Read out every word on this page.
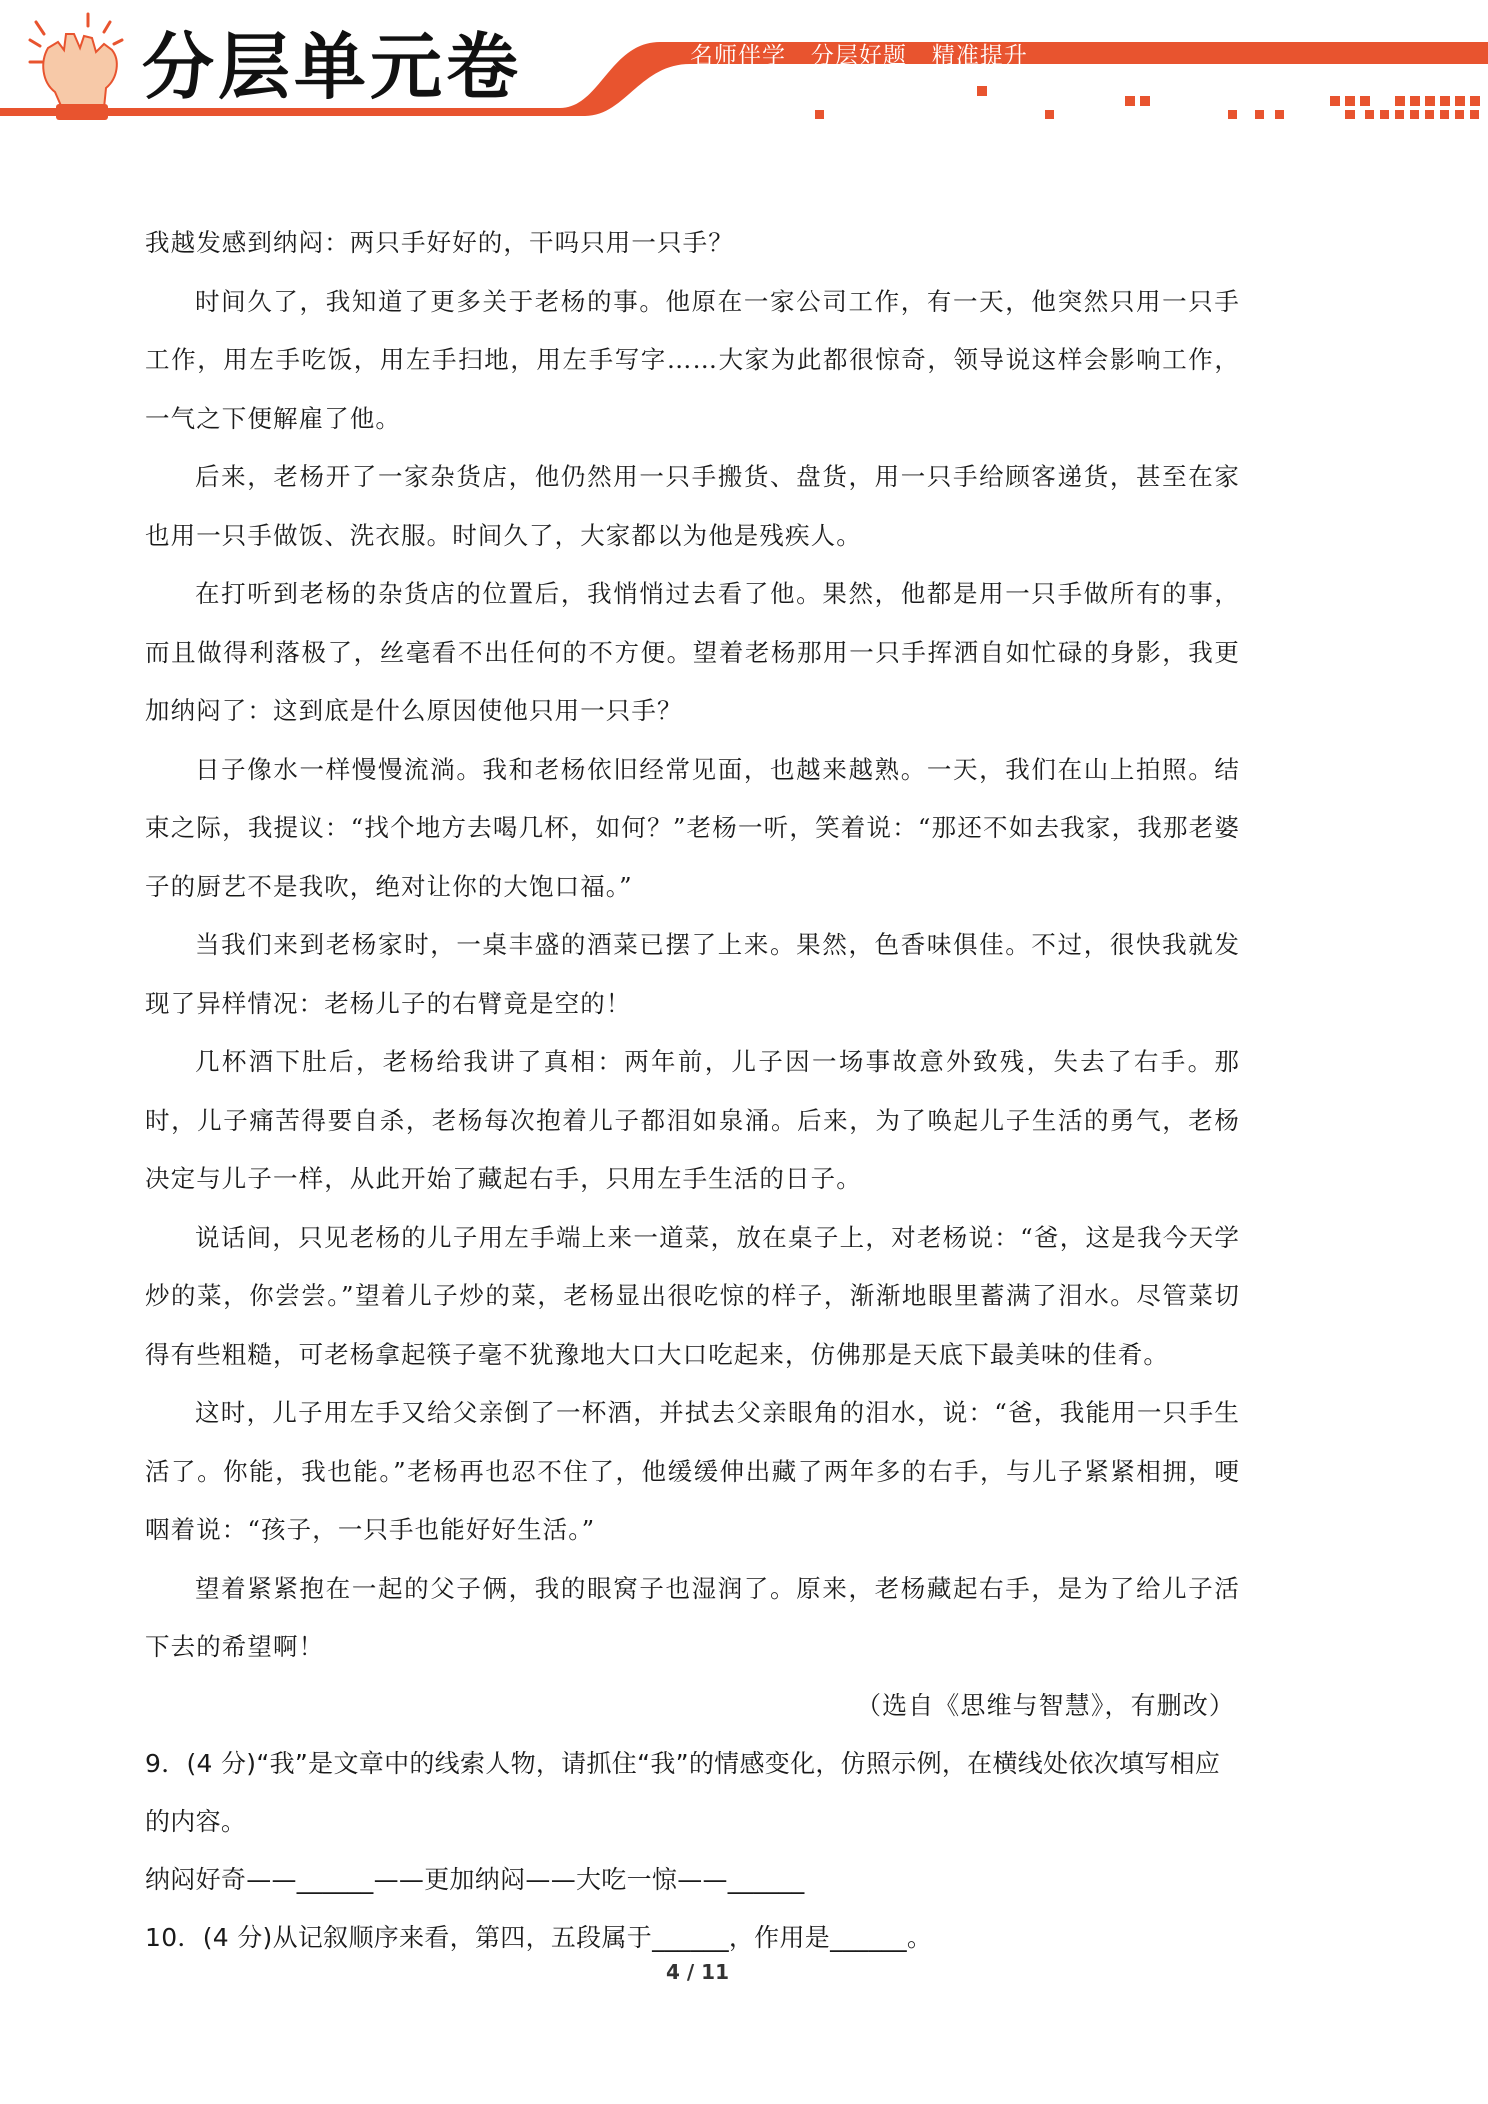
分层单元卷	名师伴学   分层好题   精准提升

我越发感到纳闷：两只手好好的，干吗只用一只手？

时间久了，我知道了更多关于老杨的事。他原在一家公司工作，有一天，他突然只用一只手工作，用左手吃饭，用左手扫地，用左手写字……大家为此都很惊奇，领导说这样会影响工作，一气之下便解雇了他。

后来，老杨开了一家杂货店，他仍然用一只手搬货、盘货，用一只手给顾客递货，甚至在家也用一只手做饭、洗衣服。时间久了，大家都以为他是残疾人。

在打听到老杨的杂货店的位置后，我悄悄过去看了他。果然，他都是用一只手做所有的事，而且做得利落极了，丝毫看不出任何的不方便。望着老杨那用一只手挥洒自如忙碌的身影，我更加纳闷了：这到底是什么原因使他只用一只手？

日子像水一样慢慢流淌。我和老杨依旧经常见面，也越来越熟。一天，我们在山上拍照。结束之际，我提议：“找个地方去喝几杯，如何？”老杨一听，笑着说：“那还不如去我家，我那老婆子的厨艺不是我吹，绝对让你的大饱口福。”

当我们来到老杨家时，一桌丰盛的酒菜已摆了上来。果然，色香味俱佳。不过，很快我就发现了异样情况：老杨儿子的右臂竟是空的！

几杯酒下肚后，老杨给我讲了真相：两年前，儿子因一场事故意外致残，失去了右手。那时，儿子痛苦得要自杀，老杨每次抱着儿子都泪如泉涌。后来，为了唤起儿子生活的勇气，老杨决定与儿子一样，从此开始了藏起右手，只用左手生活的日子。

说话间，只见老杨的儿子用左手端上来一道菜，放在桌子上，对老杨说：“爸，这是我今天学炒的菜，你尝尝。”望着儿子炒的菜，老杨显出很吃惊的样子，渐渐地眼里蓄满了泪水。尽管菜切得有些粗糙，可老杨拿起筷子毫不犹豫地大口大口吃起来，仿佛那是天底下最美味的佳肴。

这时，儿子用左手又给父亲倒了一杯酒，并拭去父亲眼角的泪水，说：“爸，我能用一只手生活了。你能，我也能。”老杨再也忍不住了，他缓缓伸出藏了两年多的右手，与儿子紧紧相拥，哽咽着说：“孩子，一只手也能好好生活。”

望着紧紧抱在一起的父子俩，我的眼窝子也湿润了。原来，老杨藏起右手，是为了给儿子活下去的希望啊！

（选自《思维与智慧》，有删改）

9．(4 分)“我”是文章中的线索人物，请抓住“我”的情感变化，仿照示例，在横线处依次填写相应

的内容。

纳闷好奇——______——更加纳闷——大吃一惊——______

10．(4 分)从记叙顺序来看，第四，五段属于______，作用是______。

4 / 11
